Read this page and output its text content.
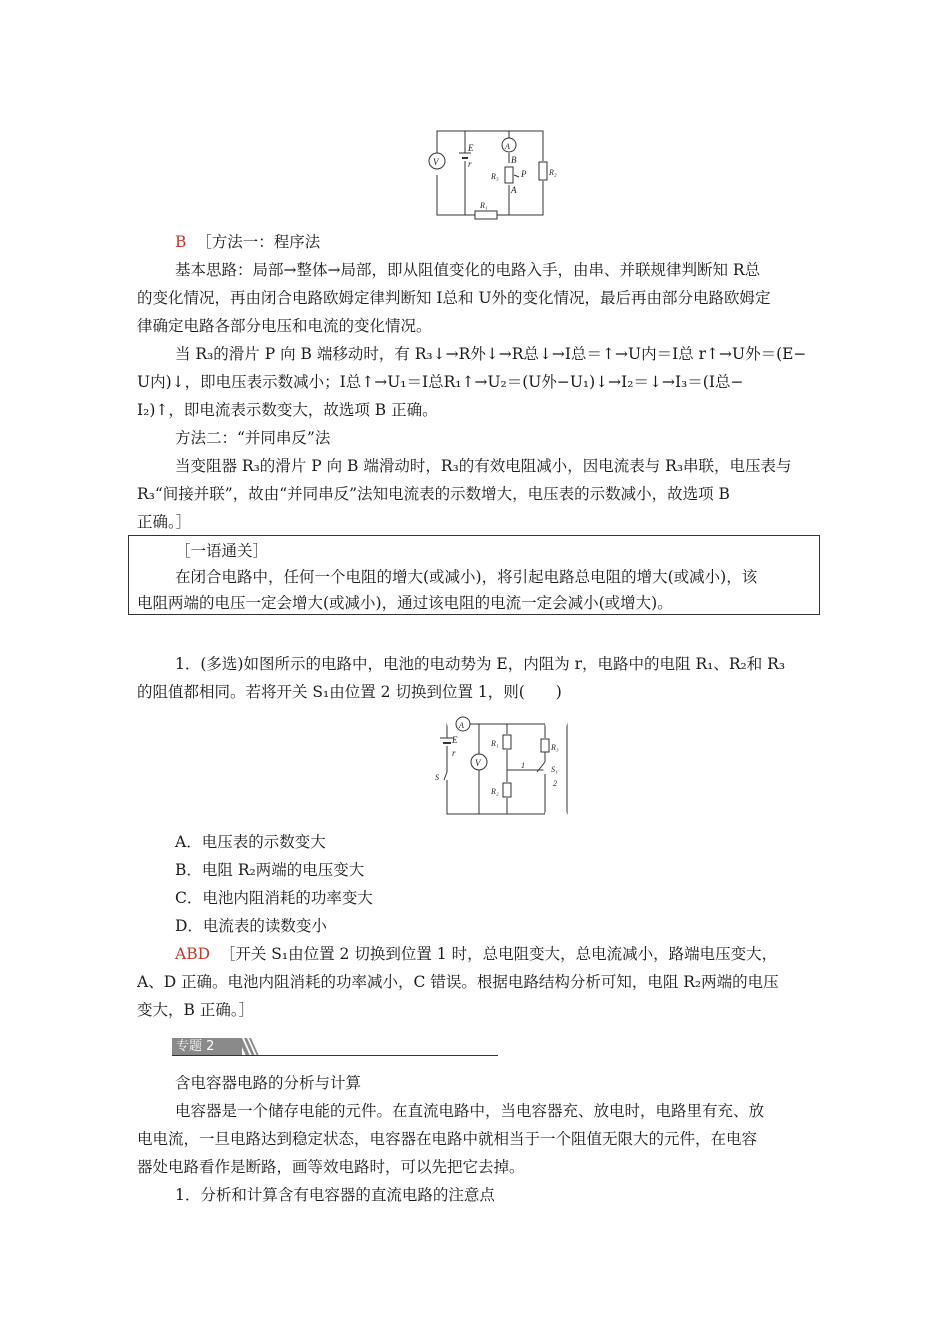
V
A
E
r	B
P
A
R₃	R₂
R₁
B ［方法一：程序法
基本思路：局部→整体→局部，即从阻值变化的电路入手，由串、并联规律判断知 R总
的变化情况，再由闭合电路欧姆定律判断知 I总和 U外的变化情况，最后再由部分电路欧姆定
律确定电路各部分电压和电流的变化情况。
当 R₃的滑片 P 向 B 端移动时，有 R₃↓→R外↓→R总↓→I总＝↑→U内＝I总 r↑→U外＝(E−
U内)↓，即电压表示数减小；I总↑→U₁＝I总R₁↑→U₂＝(U外−U₁)↓→I₂＝↓→I₃＝(I总−
I₂)↑，即电流表示数变大，故选项 B 正确。
方法二：“并同串反”法
当变阻器 R₃的滑片 P 向 B 端滑动时，R₃的有效电阻减小，因电流表与 R₃串联，电压表与
R₃“间接并联”，故由“并同串反”法知电流表的示数增大，电压表的示数减小，故选项 B
正确。］
［一语通关］
在闭合电路中，任何一个电阻的增大(或减小)，将引起电路总电阻的增大(或减小)，该
电阻两端的电压一定会增大(或减小)，通过该电阻的电流一定会减小(或增大)。
1．(多选)如图所示的电路中，电池的电动势为 E，内阻为 r，电路中的电阻 R₁、R₂和 R₃
的阻值都相同。若将开关 S₁由位置 2 切换到位置 1，则(　　)
A
E
r
V
R₁	R₃
1	S₁
2
S
R₂
A．电压表的示数变大
B．电阻 R₂两端的电压变大
C．电池内阻消耗的功率变大
D．电流表的读数变小
ABD ［开关 S₁由位置 2 切换到位置 1 时，总电阻变大，总电流减小，路端电压变大，
A、D 正确。电池内阻消耗的功率减小，C 错误。根据电路结构分析可知，电阻 R₂两端的电压
变大，B 正确。］
专题 2
含电容器电路的分析与计算
电容器是一个储存电能的元件。在直流电路中，当电容器充、放电时，电路里有充、放
电电流，一旦电路达到稳定状态，电容器在电路中就相当于一个阻值无限大的元件，在电容
器处电路看作是断路，画等效电路时，可以先把它去掉。
1．分析和计算含有电容器的直流电路的注意点
